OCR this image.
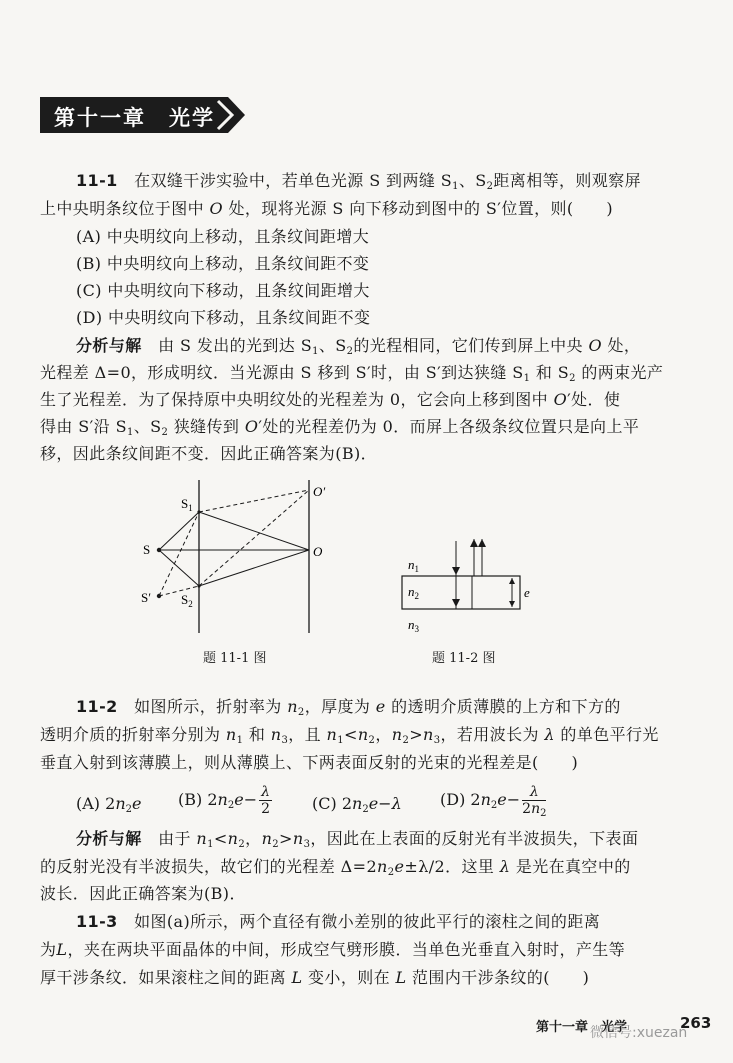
第十一章　光学
11-1 在双缝干涉实验中，若单色光源 S 到两缝 $S_1$、$S_2$距离相等，则观察屏
上中央明条纹位于图中 O 处，现将光源 S 向下移动到图中的 S′位置，则(　　)
(A) 中央明纹向上移动，且条纹间距增大
(B) 中央明纹向上移动，且条纹间距不变
(C) 中央明纹向下移动，且条纹间距增大
(D) 中央明纹向下移动，且条纹间距不变
分析与解 由 S 发出的光到达 $S_1$、$S_2$的光程相同，它们传到屏上中央 O 处，
光程差 Δ=0，形成明纹．当光源由 S 移到 S′时，由 S′到达狭缝 $S_1$ 和 $S_2$ 的两束光产
生了光程差．为了保持原中央明纹处的光程差为 0，它会向上移到图中 O′处．使
得由 S′沿 $S_1$、$S_2$ 狭缝传到 O′处的光程差仍为 0．而屏上各级条纹位置只是向上平
移，因此条纹间距不变．因此正确答案为(B)．
S
S′
$S_1$
$S_2$
O
O′
题 11-1 图
e
$n_1$
$n_2$
$n_3$
题 11-2 图
11-2 如图所示，折射率为 $n_2$，厚度为 e 的透明介质薄膜的上方和下方的
透明介质的折射率分别为 $n_1$ 和 $n_3$，且 $n_1<n_2$，$n_2>n_3$，若用波长为 λ 的单色平行光
垂直入射到该薄膜上，则从薄膜上、下两表面反射的光束的光程差是(　　)
(A) $2n_2e$ (B) $2n_2e- \frac{\lambda}{2}$	(C) $2n_2e-\lambda$ (D) $2n_2e- \frac{\lambda}{2n_2}$
分析与解 由于 $n_1<n_2$，$n_2>n_3$，因此在上表面的反射光有半波损失，下表面
的反射光没有半波损失，故它们的光程差 $\Delta=2n_2e\pm\lambda/2$．这里 λ 是光在真空中的
波长．因此正确答案为(B)．
11-3 如图(a)所示，两个直径有微小差别的彼此平行的滚柱之间的距离
为L，夹在两块平面晶体的中间，形成空气劈形膜．当单色光垂直入射时，产生等
厚干涉条纹．如果滚柱之间的距离 L 变小，则在 L 范围内干涉条纹的(　　)
第十一章　光学	263
微信号:xuezan
